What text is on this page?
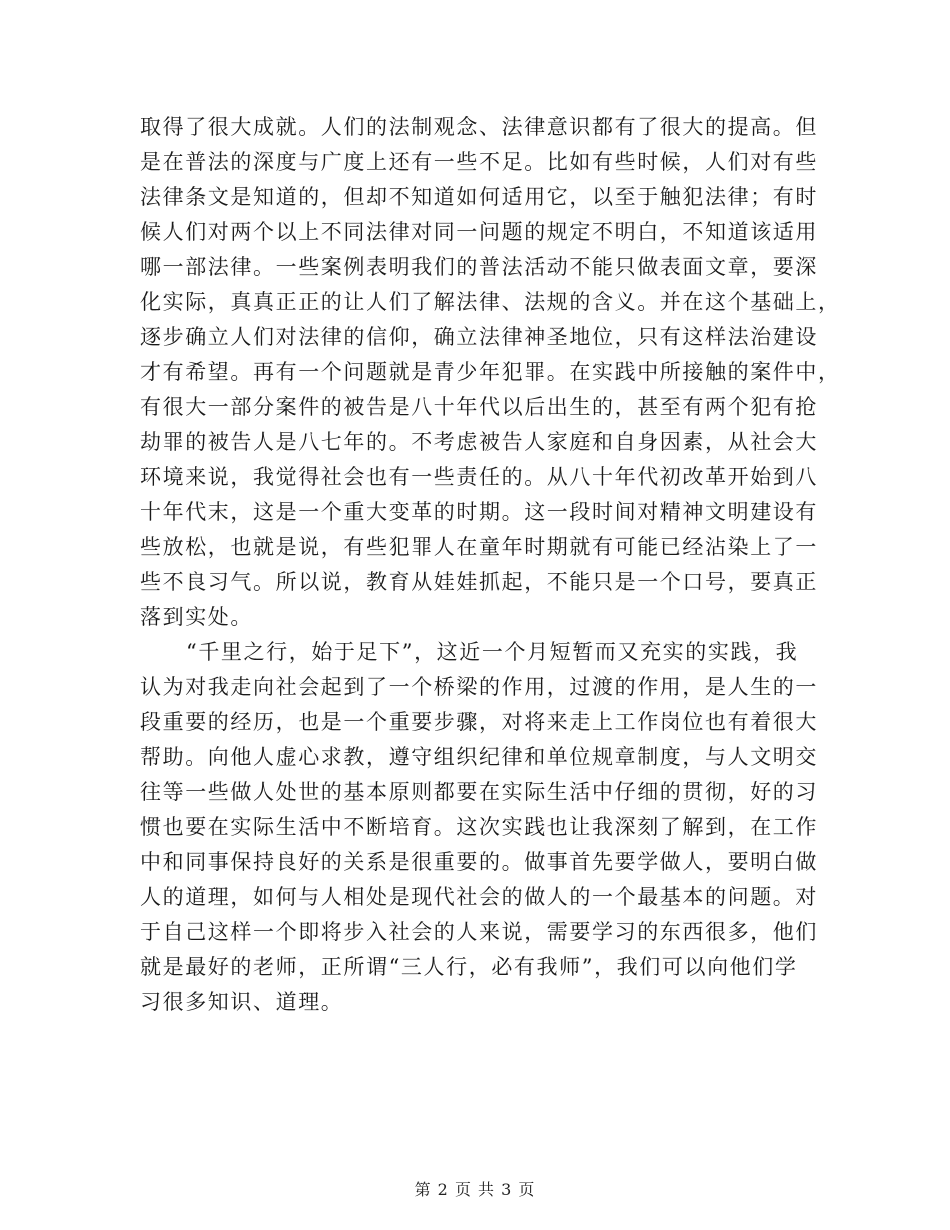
取得了很大成就。人们的法制观念、法律意识都有了很大的提高。但
是在普法的深度与广度上还有一些不足。比如有些时候，人们对有些
法律条文是知道的，但却不知道如何适用它，以至于触犯法律；有时
候人们对两个以上不同法律对同一问题的规定不明白，不知道该适用
哪一部法律。一些案例表明我们的普法活动不能只做表面文章，要深
化实际，真真正正的让人们了解法律、法规的含义。并在这个基础上，
逐步确立人们对法律的信仰，确立法律神圣地位，只有这样法治建设
才有希望。再有一个问题就是青少年犯罪。在实践中所接触的案件中，
有很大一部分案件的被告是八十年代以后出生的，甚至有两个犯有抢
劫罪的被告人是八七年的。不考虑被告人家庭和自身因素，从社会大
环境来说，我觉得社会也有一些责任的。从八十年代初改革开始到八
十年代末，这是一个重大变革的时期。这一段时间对精神文明建设有
些放松，也就是说，有些犯罪人在童年时期就有可能已经沾染上了一
些不良习气。所以说，教育从娃娃抓起，不能只是一个口号，要真正
落到实处。
“千里之行，始于足下”，这近一个月短暂而又充实的实践，我
认为对我走向社会起到了一个桥梁的作用，过渡的作用，是人生的一
段重要的经历，也是一个重要步骤，对将来走上工作岗位也有着很大
帮助。向他人虚心求教，遵守组织纪律和单位规章制度，与人文明交
往等一些做人处世的基本原则都要在实际生活中仔细的贯彻，好的习
惯也要在实际生活中不断培育。这次实践也让我深刻了解到，在工作
中和同事保持良好的关系是很重要的。做事首先要学做人，要明白做
人的道理，如何与人相处是现代社会的做人的一个最基本的问题。对
于自己这样一个即将步入社会的人来说，需要学习的东西很多，他们
就是最好的老师，正所谓“三人行，必有我师”，我们可以向他们学
习很多知识、道理。
第 2 页 共 3 页
